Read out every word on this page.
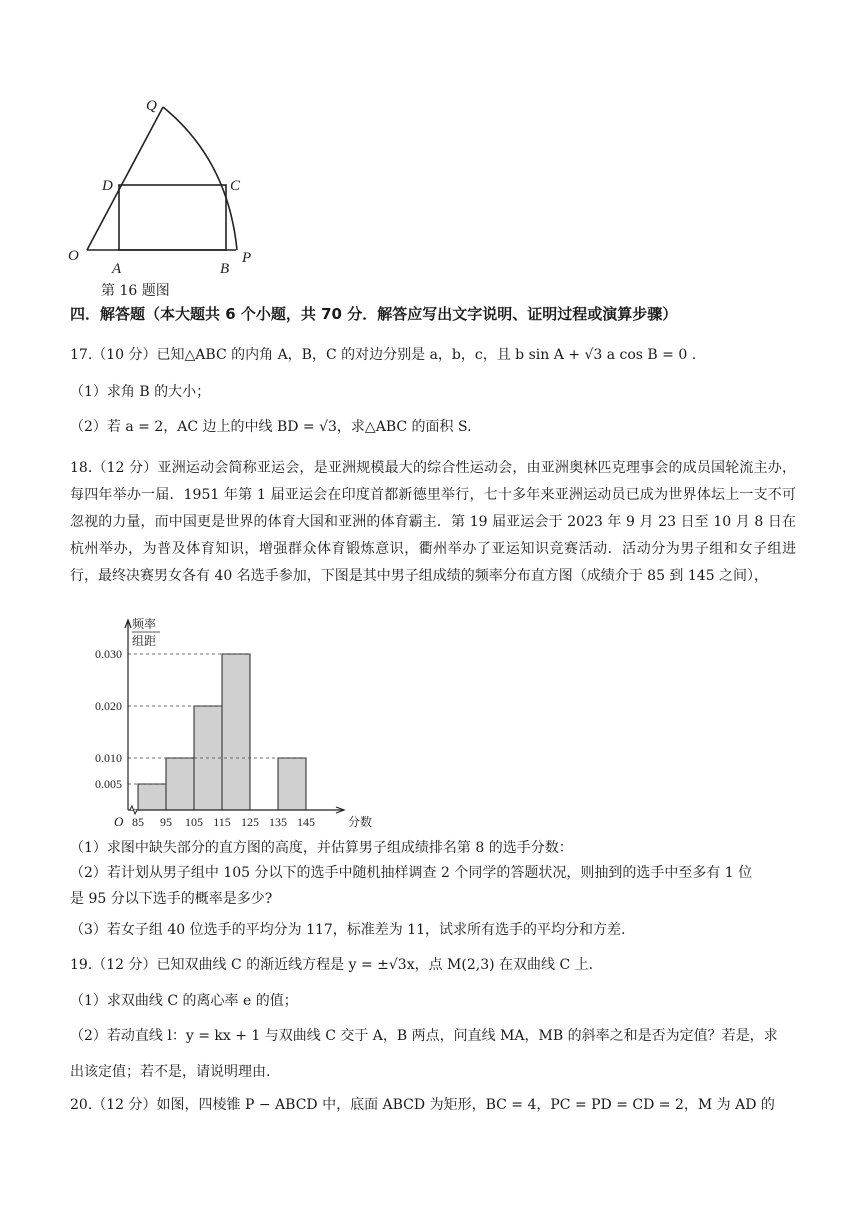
Q
D	C
O
A	B
P
第 16 题图
四．解答题（本大题共 6 个小题，共 70 分．解答应写出文字说明、证明过程或演算步骤）
17.（10 分）已知△ABC 的内角 A，B，C 的对边分别是 a，b，c，且 b sin A + √3 a cos B = 0 .
（1）求角 B 的大小；
（2）若 a = 2，AC 边上的中线 BD = √3，求△ABC 的面积 S.
18.（12 分）亚洲运动会简称亚运会，是亚洲规模最大的综合性运动会，由亚洲奥林匹克理事会的成员国轮流主办，每四年举办一届．1951 年第 1 届亚运会在印度首都新德里举行，七十多年来亚洲运动员已成为世界体坛上一支不可忽视的力量，而中国更是世界的体育大国和亚洲的体育霸主．第 19 届亚运会于 2023 年 9 月 23 日至 10 月 8 日在杭州举办，为普及体育知识，增强群众体育锻炼意识，衢州举办了亚运知识竞赛活动．活动分为男子组和女子组进行，最终决赛男女各有 40 名选手参加，下图是其中男子组成绩的频率分布直方图（成绩介于 85 到 145 之间），
0.005
0.010
0.020
0.030
85 95 105 115 125 135 145
O	分数
频率
组距
（1）求图中缺失部分的直方图的高度，并估算男子组成绩排名第 8 的选手分数：
（2）若计划从男子组中 105 分以下的选手中随机抽样调查 2 个同学的答题状况，则抽到的选手中至多有 1 位
是 95 分以下选手的概率是多少?
（3）若女子组 40 位选手的平均分为 117，标准差为 11，试求所有选手的平均分和方差.
19.（12 分）已知双曲线 C 的渐近线方程是 y = ±√3x，点 M(2,3) 在双曲线 C 上.
（1）求双曲线 C 的离心率 e 的值；
（2）若动直线 l：y = kx + 1 与双曲线 C 交于 A，B 两点，问直线 MA，MB 的斜率之和是否为定值？若是，求
出该定值；若不是，请说明理由.
20.（12 分）如图，四棱锥 P − ABCD 中，底面 ABCD 为矩形，BC = 4，PC = PD = CD = 2，M 为 AD 的
